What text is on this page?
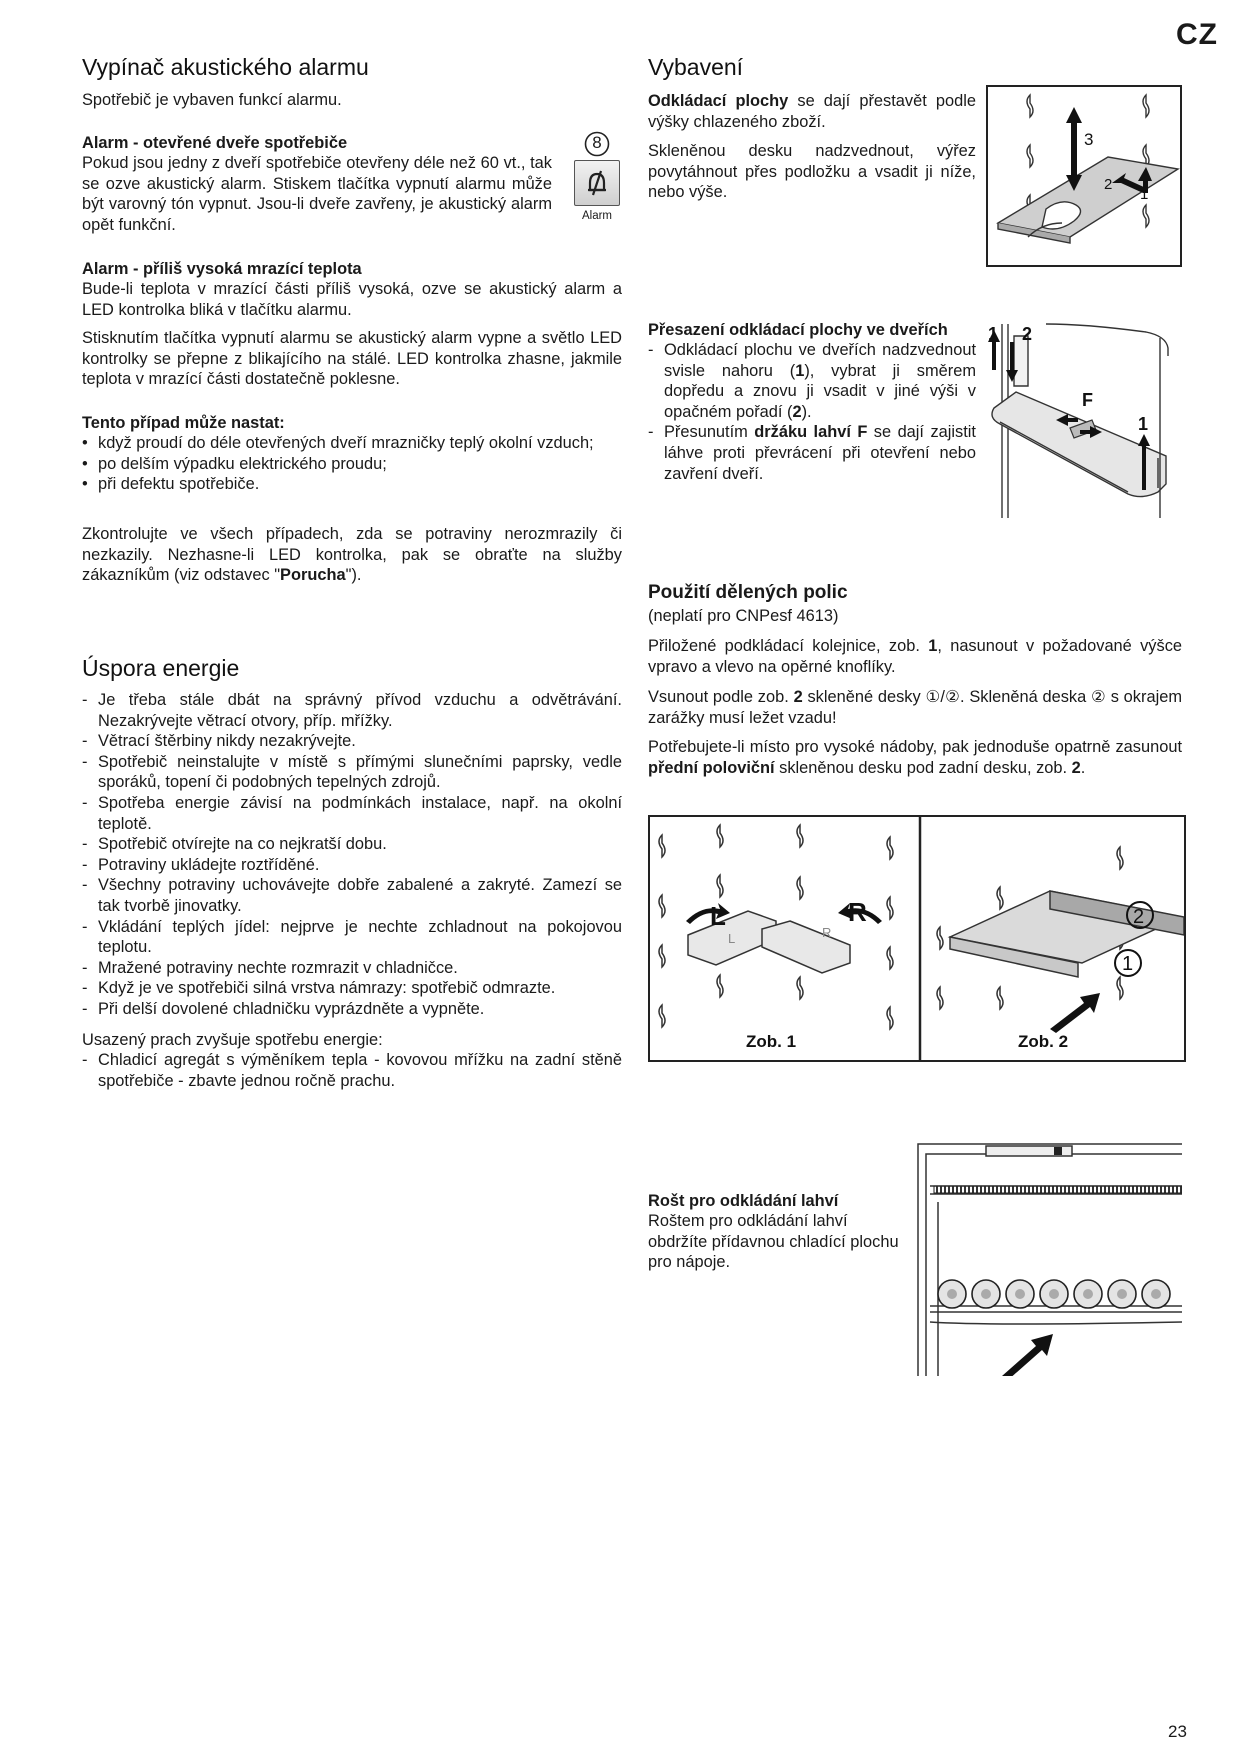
CZ
Vypínač akustického alarmu

Spotřebič je vybaven funkcí alarmu.

Alarm - otevřené dveře spotřebiče

Pokud jsou jedny z dveří spotřebiče otevřeny déle než 60 vt., tak se ozve akustický alarm. Stiskem tlačítka vypnutí alarmu může být varovný tón vypnut. Jsou-li dveře zavřeny, je akustický alarm opět funkční.

8
Alarm

Alarm - příliš vysoká mrazící teplota

Bude-li teplota v mrazící části příliš vysoká, ozve se akustický alarm a LED kontrolka bliká v tlačítku alarmu.

Stisknutím tlačítka vypnutí alarmu se akustický alarm vypne a světlo LED kontrolky se přepne z blikajícího na stálé. LED kontrolka zhasne, jakmile teplota v mrazící části dostatečně poklesne.

Tento případ může nastat:

• když proudí do déle otevřených dveří mrazničky teplý okolní vzduch;
• po delším výpadku elektrického proudu;
• při defektu spotřebiče.

Zkontrolujte ve všech případech, zda se potraviny nerozmrazily či nezkazily. Nezhasne-li LED kontrolka, pak se obraťte na služby zákazníkům (viz odstavec "Porucha").

Úspora energie
- Je třeba stále dbát na správný přívod vzduchu a odvětrávání. Nezakrývejte větrací otvory, příp. mřížky.
- Větrací štěrbiny nikdy nezakrývejte.
- Spotřebič neinstalujte v místě s přímými slunečními paprsky, vedle sporáků, topení či podobných tepelných zdrojů.
- Spotřeba energie závisí na podmínkách instalace, např. na okolní teplotě.
- Spotřebič otvírejte na co nejkratší dobu.
- Potraviny ukládejte roztříděné.
- Všechny potraviny uchovávejte dobře zabalené a zakryté. Zamezí se tak tvorbě jinovatky.
- Vkládání teplých jídel: nejprve je nechte zchladnout na pokojovou teplotu.
- Mražené potraviny nechte rozmrazit v chladničce.
- Když je ve spotřebiči silná vrstva námrazy: spotřebič odmrazte.
- Při delší dovolené chladničku vyprázdněte a vypněte.

Usazený prach zvyšuje spotřebu energie:

- Chladicí agregát s výměníkem tepla - kovovou mřížku na zadní stěně spotřebiče - zbavte jednou ročně prachu.
Vybavení

Odkládací plochy se dají přestavět podle výšky chlazeného zboží.

Skleněnou desku nadzvednout, výřez povytáhnout přes podložku a vsadit ji níže, nebo výše.

3
2
1

Přesazení odkládací plochy ve dveřích

- Odkládací plochu ve dveřích nadzvednout svisle nahoru (1), vybrat ji směrem dopředu a znovu ji vsadit v jiné výši v opačném pořadí (2).
- Přesunutím držáku lahví F se dají zajistit láhve proti převrácení při otevření nebo zavření dveří.
1 2
F
1
Použití dělených polic

(neplatí pro CNPesf 4613)

Přiložené podkládací kolejnice, zob. 1, nasunout v požadované výšce vpravo a vlevo na opěrné knoflíky.

Vsunout podle zob. 2 skleněné desky ①/②. Skleněná deska ② s okrajem zarážky musí ležet vzadu!

Potřebujete-li místo pro vysoké nádoby, pak jednoduše opatrně zasunout přední poloviční skleněnou desku pod zadní desku, zob. 2.

L	R
L	R
2
1
Zob. 1	Zob. 2

Rošt pro odkládání lahví

Roštem pro odkládání lahví obdržíte přídavnou chladící plochu pro nápoje.

23
